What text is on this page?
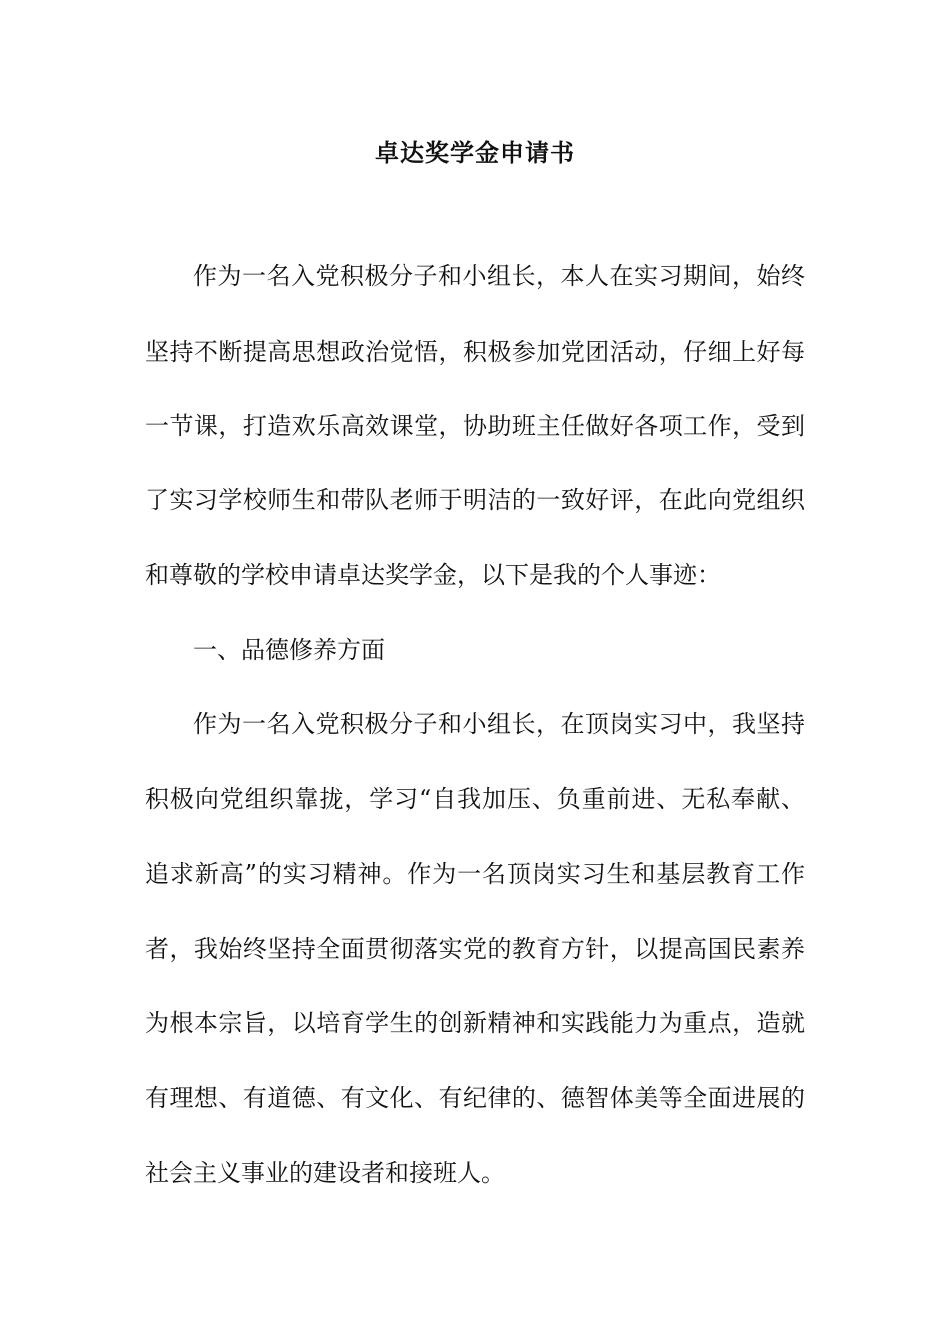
卓达奖学金申请书
作为一名入党积极分子和小组长，本人在实习期间，始终
坚持不断提高思想政治觉悟，积极参加党团活动，仔细上好每
一节课，打造欢乐高效课堂，协助班主任做好各项工作，受到
了实习学校师生和带队老师于明洁的一致好评，在此向党组织
和尊敬的学校申请卓达奖学金，以下是我的个人事迹：
一、品德修养方面
作为一名入党积极分子和小组长，在顶岗实习中，我坚持
积极向党组织靠拢，学习“自我加压、负重前进、无私奉献、
追求新高”的实习精神。作为一名顶岗实习生和基层教育工作
者，我始终坚持全面贯彻落实党的教育方针，以提高国民素养
为根本宗旨，以培育学生的创新精神和实践能力为重点，造就
有理想、有道德、有文化、有纪律的、德智体美等全面进展的
社会主义事业的建设者和接班人。
